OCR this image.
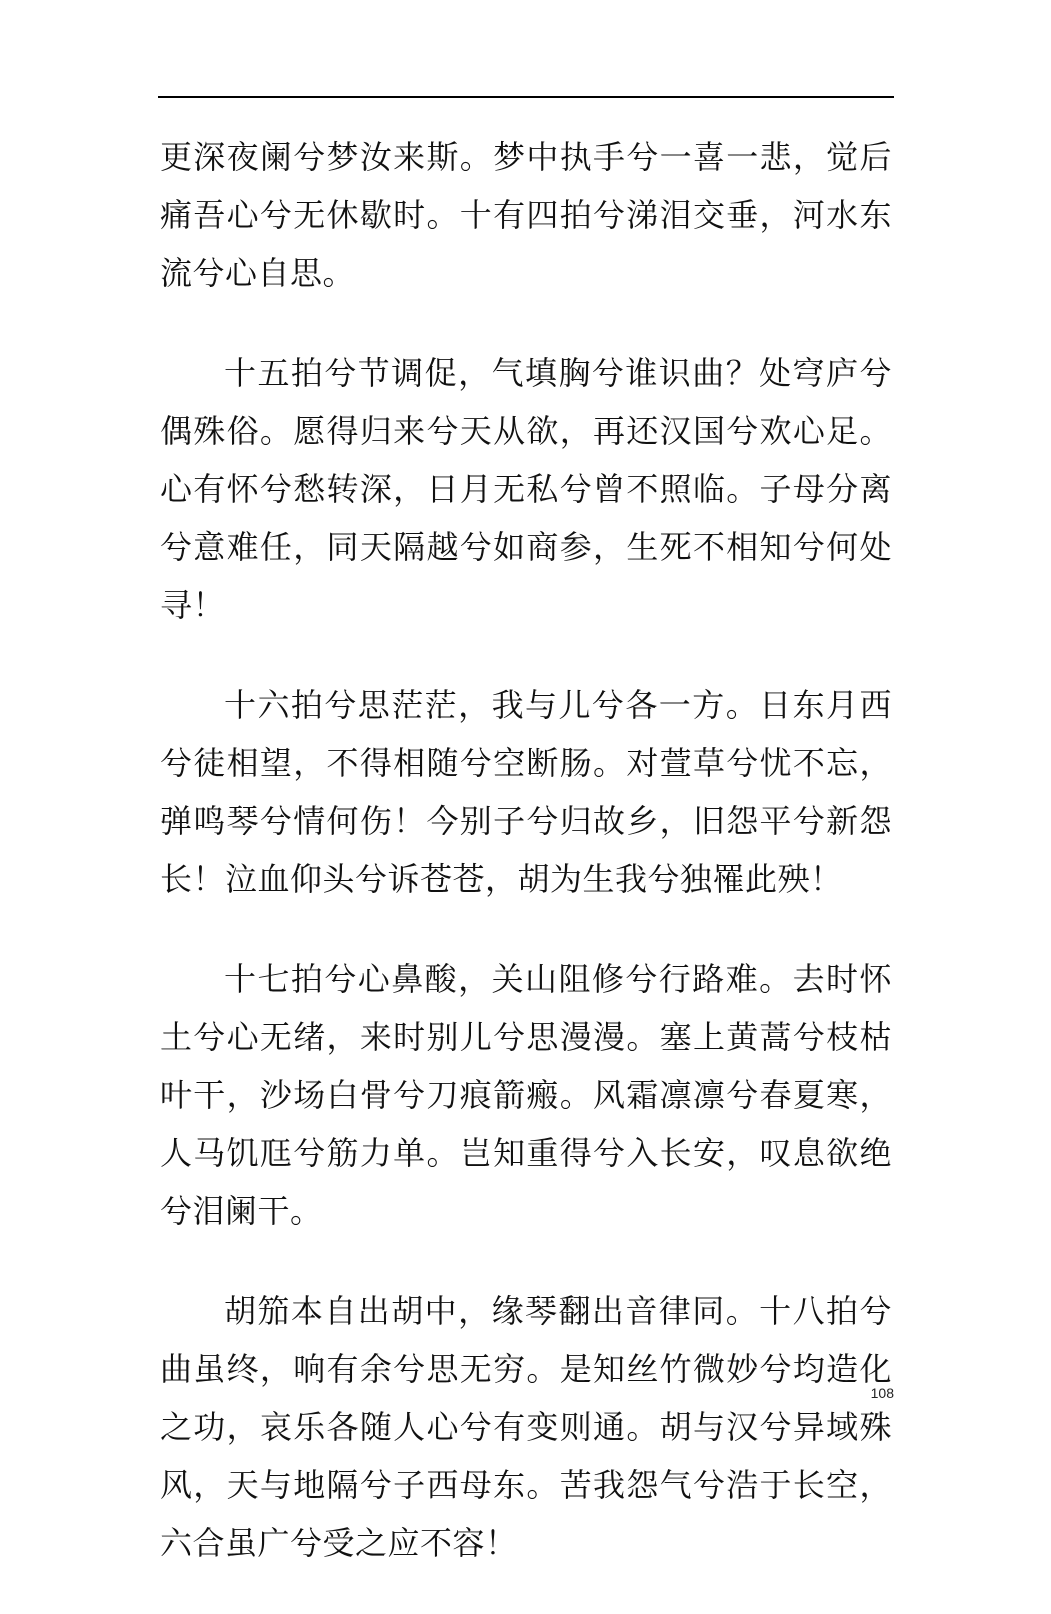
更深夜阑兮梦汝来斯。梦中执手兮一喜一悲，觉后痛吾心兮无休歇时。十有四拍兮涕泪交垂，河水东流兮心自思。

十五拍兮节调促，气填胸兮谁识曲？处穹庐兮偶殊俗。愿得归来兮天从欲，再还汉国兮欢心足。心有怀兮愁转深，日月无私兮曾不照临。子母分离兮意难任，同天隔越兮如商参，生死不相知兮何处寻！

十六拍兮思茫茫，我与儿兮各一方。日东月西兮徒相望，不得相随兮空断肠。对萱草兮忧不忘，弹鸣琴兮情何伤！今别子兮归故乡，旧怨平兮新怨长！泣血仰头兮诉苍苍，胡为生我兮独罹此殃！

十七拍兮心鼻酸，关山阻修兮行路难。去时怀土兮心无绪，来时别儿兮思漫漫。塞上黄蒿兮枝枯叶干，沙场白骨兮刀痕箭瘢。风霜凛凛兮春夏寒，人马饥尫兮筋力单。岂知重得兮入长安，叹息欲绝兮泪阑干。

胡笳本自出胡中，缘琴翻出音律同。十八拍兮曲虽终，响有余兮思无穷。是知丝竹微妙兮均造化之功，哀乐各随人心兮有变则通。胡与汉兮异域殊风，天与地隔兮子西母东。苦我怨气兮浩于长空，六合虽广兮受之应不容！

108
